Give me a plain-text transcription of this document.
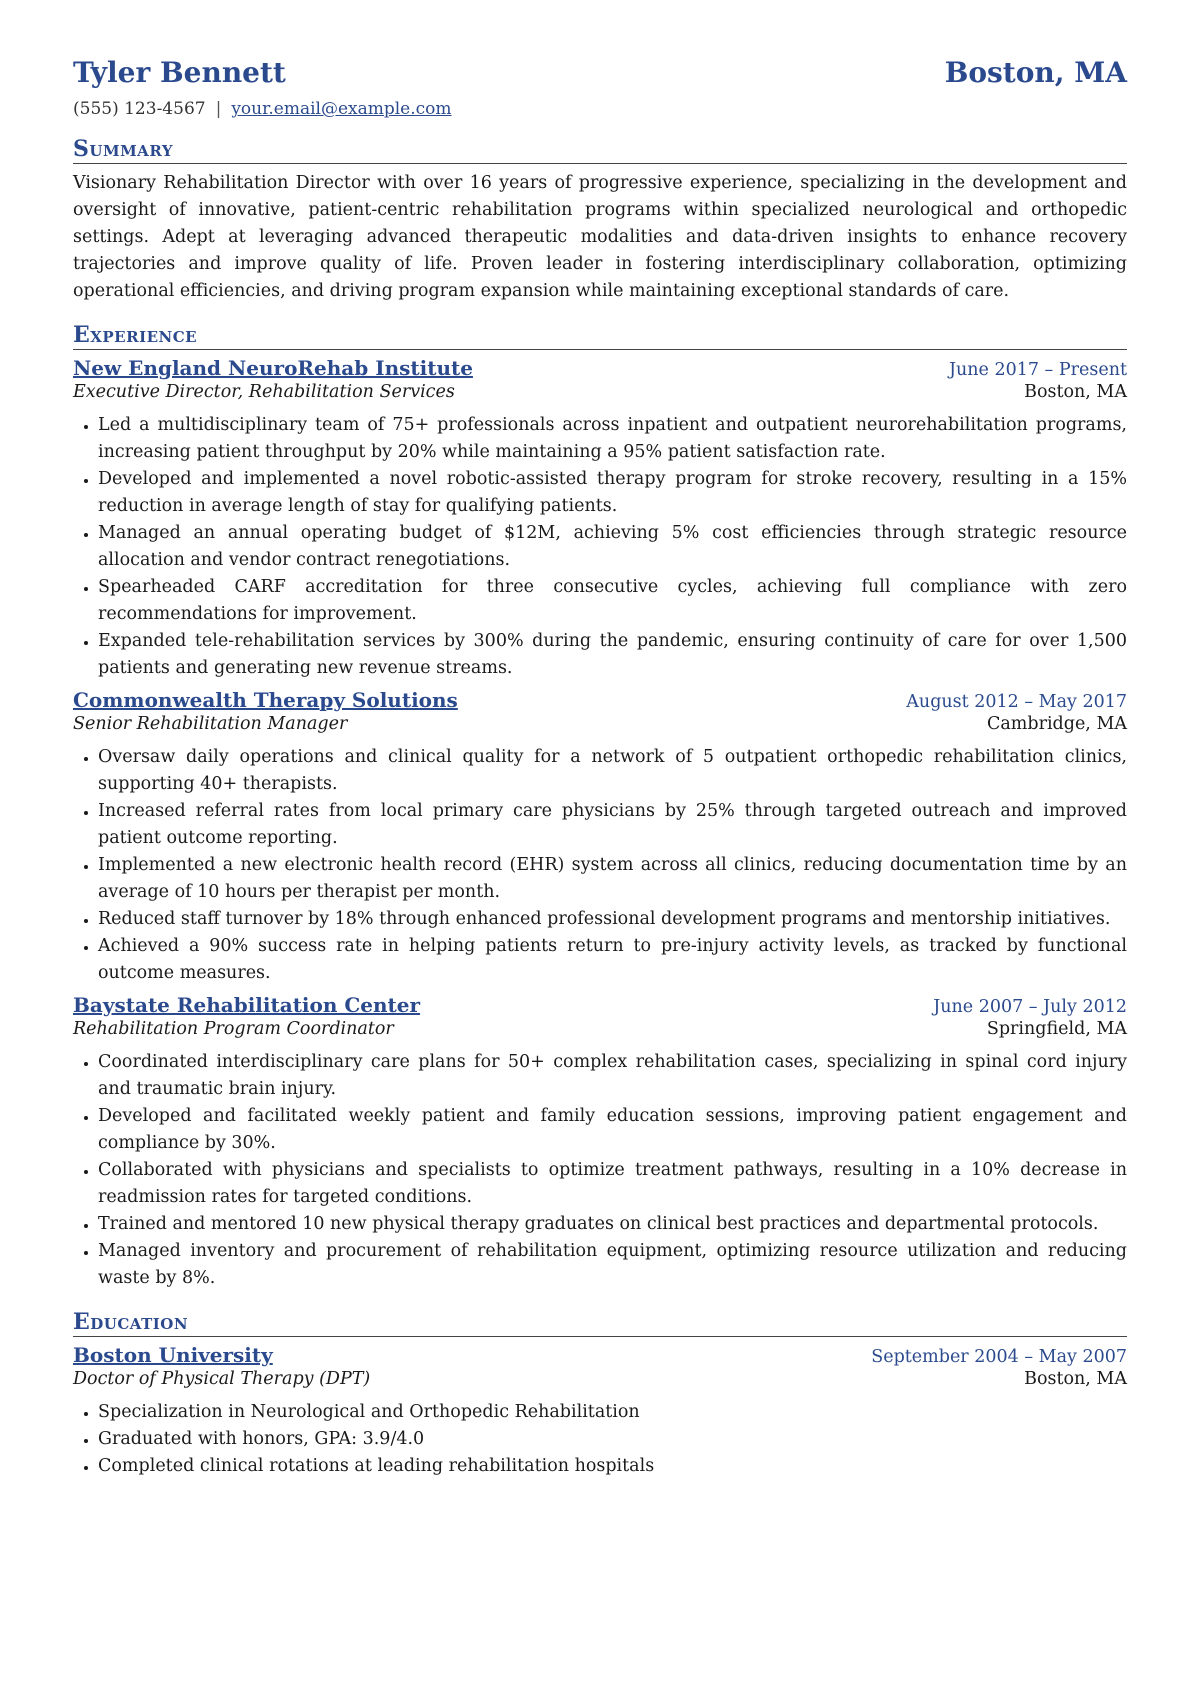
Tyler Bennett	Boston, MA
(555) 123-4567 | your.email@example.com
Summary

Visionary Rehabilitation Director with over 16 years of progressive experience, specializing in the development and oversight of innovative, patient-centric rehabilitation programs within specialized neurological and orthopedic settings. Adept at leveraging advanced therapeutic modalities and data-driven insights to enhance recovery trajectories and improve quality of life. Proven leader in fostering interdisciplinary collaboration, optimizing operational efficiencies, and driving program expansion while maintaining exceptional standards of care.

Experience
New England NeuroRehab Institute	June 2017 – Present
Executive Director, Rehabilitation Services	Boston, MA
• Led a multidisciplinary team of 75+ professionals across inpatient and outpatient neurorehabilitation programs, increasing patient throughput by 20% while maintaining a 95% patient satisfaction rate.
• Developed and implemented a novel robotic-assisted therapy program for stroke recovery, resulting in a 15% reduction in average length of stay for qualifying patients.
• Managed an annual operating budget of $12M, achieving 5% cost efficiencies through strategic resource allocation and vendor contract renegotiations.
• Spearheaded CARF accreditation for three consecutive cycles, achieving full compliance with zero recommendations for improvement.
• Expanded tele-rehabilitation services by 300% during the pandemic, ensuring continuity of care for over 1,500 patients and generating new revenue streams.
Commonwealth Therapy Solutions	August 2012 – May 2017
Senior Rehabilitation Manager	Cambridge, MA
• Oversaw daily operations and clinical quality for a network of 5 outpatient orthopedic rehabilitation clinics, supporting 40+ therapists.
• Increased referral rates from local primary care physicians by 25% through targeted outreach and improved patient outcome reporting.
• Implemented a new electronic health record (EHR) system across all clinics, reducing documentation time by an average of 10 hours per therapist per month.
• Reduced staff turnover by 18% through enhanced professional development programs and mentorship initiatives.
• Achieved a 90% success rate in helping patients return to pre-injury activity levels, as tracked by functional outcome measures.
Baystate Rehabilitation Center	June 2007 – July 2012
Rehabilitation Program Coordinator	Springfield, MA
• Coordinated interdisciplinary care plans for 50+ complex rehabilitation cases, specializing in spinal cord injury and traumatic brain injury.
• Developed and facilitated weekly patient and family education sessions, improving patient engagement and compliance by 30%.
• Collaborated with physicians and specialists to optimize treatment pathways, resulting in a 10% decrease in readmission rates for targeted conditions.
• Trained and mentored 10 new physical therapy graduates on clinical best practices and departmental protocols.
• Managed inventory and procurement of rehabilitation equipment, optimizing resource utilization and reducing waste by 8%.
Education
Boston University	September 2004 – May 2007
Doctor of Physical Therapy (DPT)	Boston, MA
• Specialization in Neurological and Orthopedic Rehabilitation
• Graduated with honors, GPA: 3.9/4.0
• Completed clinical rotations at leading rehabilitation hospitals
